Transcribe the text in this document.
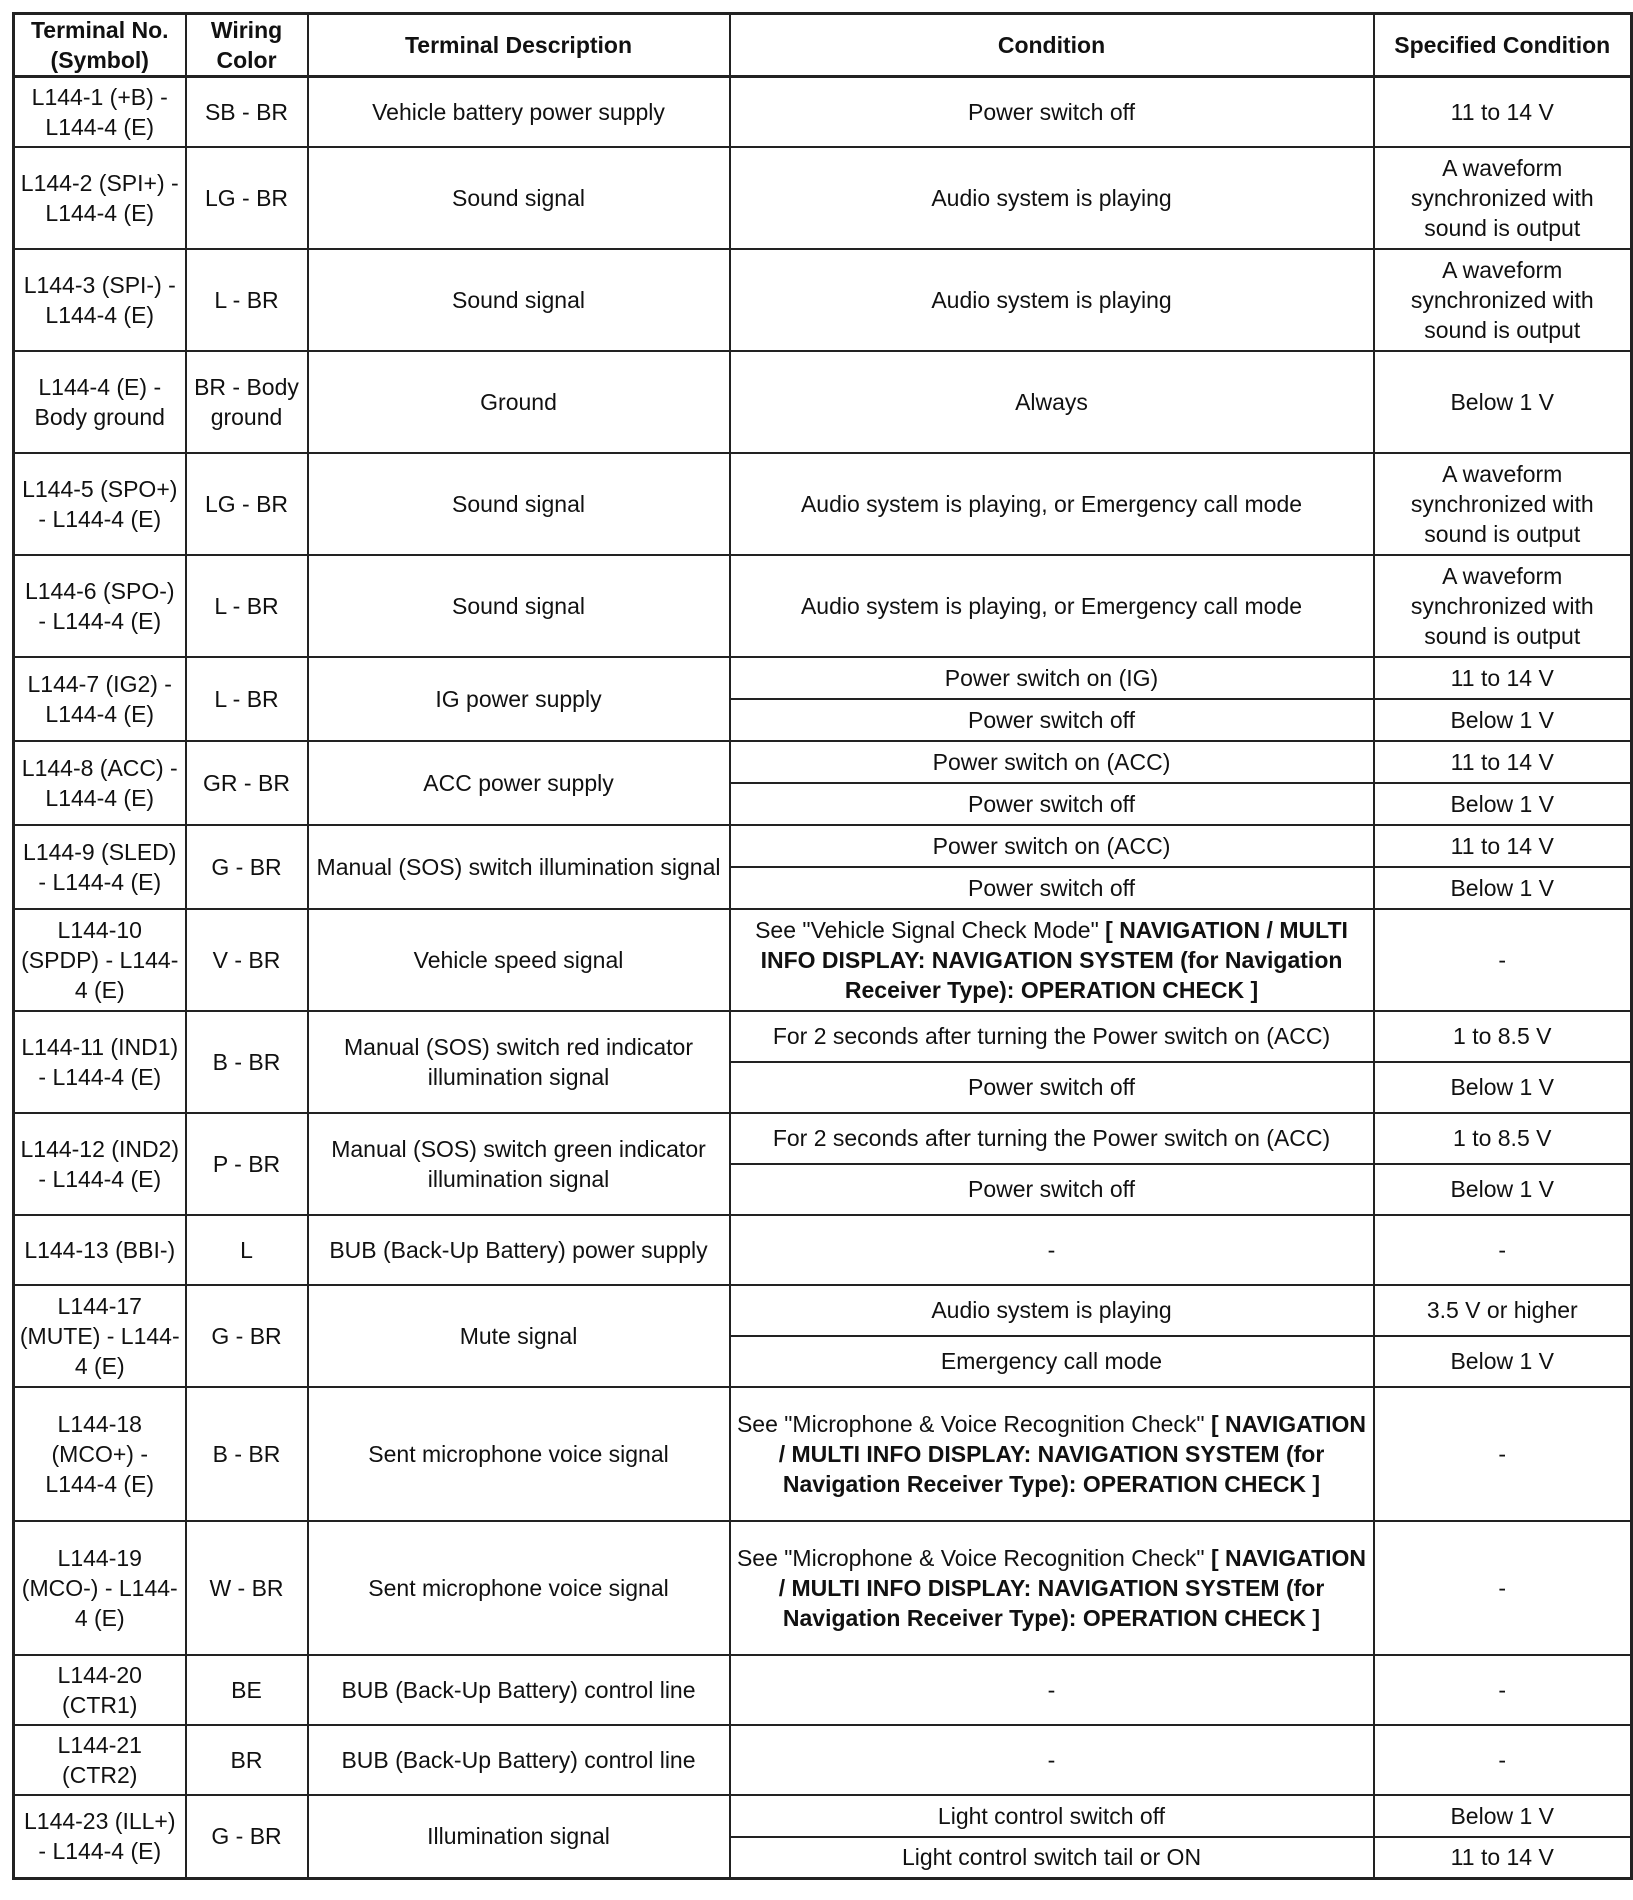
Terminal No. (Symbol)	Wiring Color	Terminal Description	Condition	Specified Condition
L144-1 (+B) - L144-4 (E)	SB - BR	Vehicle battery power supply	Power switch off	11 to 14 V
L144-2 (SPI+) - L144-4 (E)	LG - BR	Sound signal	Audio system is playing	A waveform synchronized with sound is output
L144-3 (SPI-) - L144-4 (E)	L - BR	Sound signal	Audio system is playing	A waveform synchronized with sound is output
L144-4 (E) - Body ground	BR - Body ground	Ground	Always	Below 1 V
L144-5 (SPO+) - L144-4 (E)	LG - BR	Sound signal	Audio system is playing, or Emergency call mode	A waveform synchronized with sound is output
L144-6 (SPO-) - L144-4 (E)	L - BR	Sound signal	Audio system is playing, or Emergency call mode	A waveform synchronized with sound is output
L144-7 (IG2) - L144-4 (E)	L - BR	IG power supply	Power switch on (IG)	11 to 14 V
			Power switch off	Below 1 V
L144-8 (ACC) - L144-4 (E)	GR - BR	ACC power supply	Power switch on (ACC)	11 to 14 V
			Power switch off	Below 1 V
L144-9 (SLED) - L144-4 (E)	G - BR	Manual (SOS) switch illumination signal	Power switch on (ACC)	11 to 14 V
			Power switch off	Below 1 V
L144-10 (SPDP) - L144-4 (E)	V - BR	Vehicle speed signal	See "Vehicle Signal Check Mode" [ NAVIGATION / MULTI INFO DISPLAY: NAVIGATION SYSTEM (for Navigation Receiver Type): OPERATION CHECK ]	-
L144-11 (IND1) - L144-4 (E)	B - BR	Manual (SOS) switch red indicator illumination signal	For 2 seconds after turning the Power switch on (ACC)	1 to 8.5 V
			Power switch off	Below 1 V
L144-12 (IND2) - L144-4 (E)	P - BR	Manual (SOS) switch green indicator illumination signal	For 2 seconds after turning the Power switch on (ACC)	1 to 8.5 V
			Power switch off	Below 1 V
L144-13 (BBI-)	L	BUB (Back-Up Battery) power supply	-	-
L144-17 (MUTE) - L144-4 (E)	G - BR	Mute signal	Audio system is playing	3.5 V or higher
			Emergency call mode	Below 1 V
L144-18 (MCO+) - L144-4 (E)	B - BR	Sent microphone voice signal	See "Microphone & Voice Recognition Check" [ NAVIGATION / MULTI INFO DISPLAY: NAVIGATION SYSTEM (for Navigation Receiver Type): OPERATION CHECK ]	-
L144-19 (MCO-) - L144-4 (E)	W - BR	Sent microphone voice signal	See "Microphone & Voice Recognition Check" [ NAVIGATION / MULTI INFO DISPLAY: NAVIGATION SYSTEM (for Navigation Receiver Type): OPERATION CHECK ]	-
L144-20 (CTR1)	BE	BUB (Back-Up Battery) control line	-	-
L144-21 (CTR2)	BR	BUB (Back-Up Battery) control line	-	-
L144-23 (ILL+) - L144-4 (E)	G - BR	Illumination signal	Light control switch off	Below 1 V
			Light control switch tail or ON	11 to 14 V
